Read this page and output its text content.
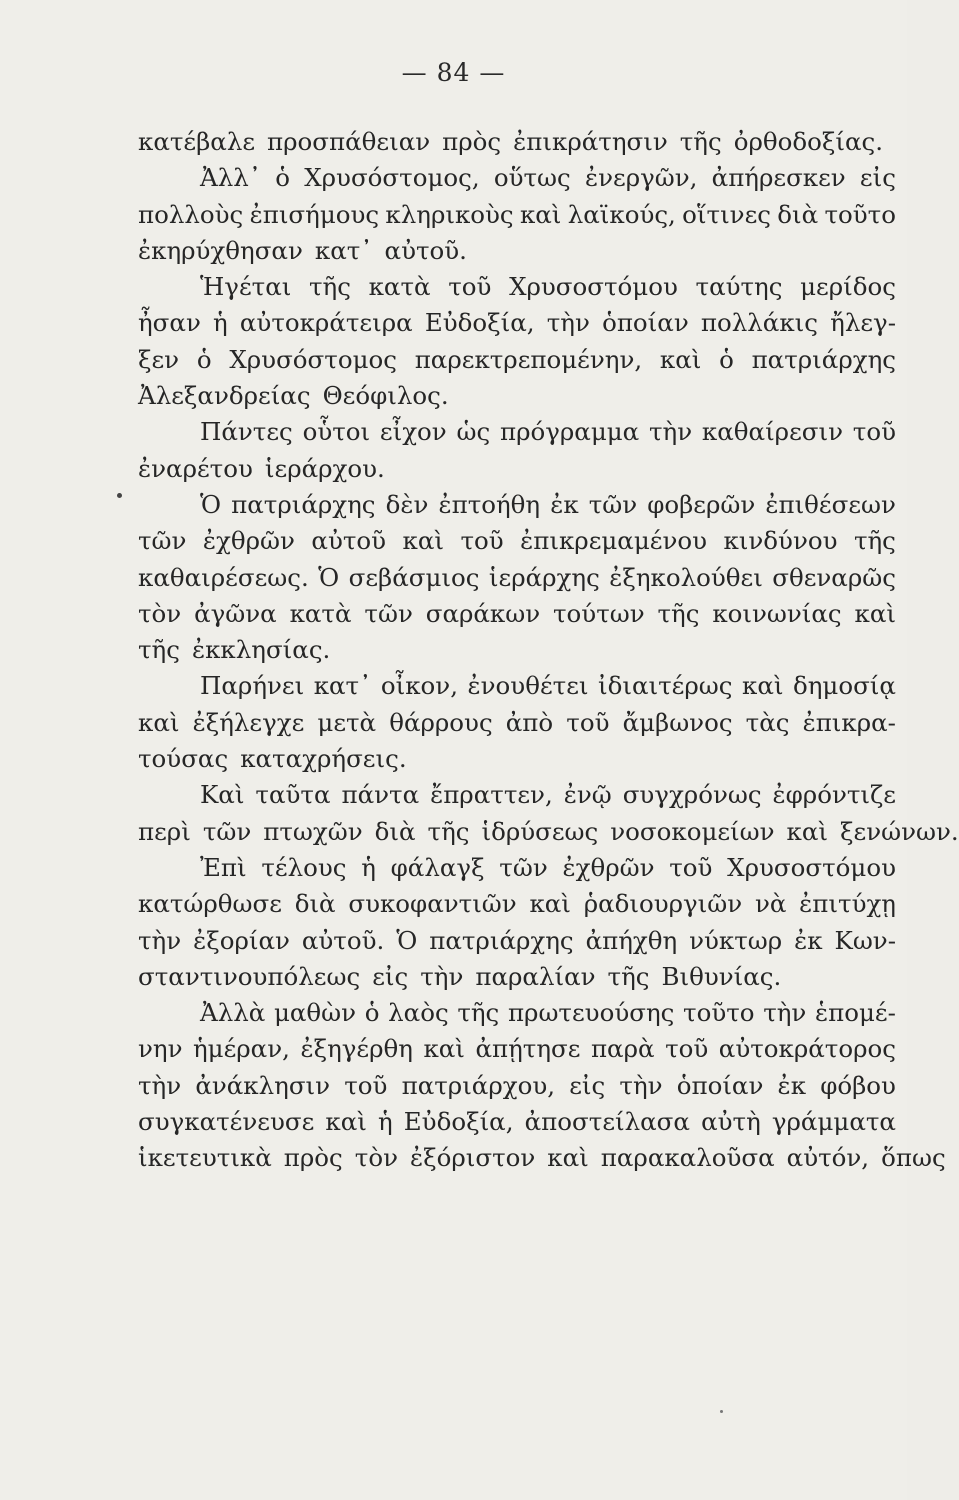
— 84 —
κατέβαλε προσπάθειαν πρὸς ἐπικράτησιν τῆς ὀρθοδοξίας.
Ἀλλ᾽ ὁ Χρυσόστομος, οὕτως ἐνεργῶν, ἀπήρεσκεν εἰς
πολλοὺς ἐπισήμους κληρικοὺς καὶ λαϊκούς, οἵτινες διὰ τοῦτο
ἐκηρύχθησαν κατ᾽ αὐτοῦ.
Ἡγέται τῆς κατὰ τοῦ Χρυσοστόμου ταύτης μερίδος
ἦσαν ἡ αὐτοκράτειρα Εὐδοξία, τὴν ὁποίαν πολλάκις ἤλεγ-
ξεν ὁ Χρυσόστομος παρεκτρεπομένην, καὶ ὁ πατριάρχης
Ἀλεξανδρείας Θεόφιλος.
Πάντες οὗτοι εἶχον ὡς πρόγραμμα τὴν καθαίρεσιν τοῦ
ἐναρέτου ἱεράρχου.
Ὁ πατριάρχης δὲν ἐπτοήθη ἐκ τῶν φοβερῶν ἐπιθέσεων
τῶν ἐχθρῶν αὐτοῦ καὶ τοῦ ἐπικρεμαμένου κινδύνου τῆς
καθαιρέσεως. Ὁ σεβάσμιος ἱεράρχης ἐξηκολούθει σθεναρῶς
τὸν ἀγῶνα κατὰ τῶν σαράκων τούτων τῆς κοινωνίας καὶ
τῆς ἐκκλησίας.
Παρήνει κατ᾽ οἶκον, ἐνουθέτει ἰδιαιτέρως καὶ δημοσίᾳ
καὶ ἐξήλεγχε μετὰ θάρρους ἀπὸ τοῦ ἄμβωνος τὰς ἐπικρα-
τούσας καταχρήσεις.
Καὶ ταῦτα πάντα ἔπραττεν, ἐνῷ συγχρόνως ἐφρόντιζε
περὶ τῶν πτωχῶν διὰ τῆς ἱδρύσεως νοσοκομείων καὶ ξενώνων.
Ἐπὶ τέλους ἡ φάλαγξ τῶν ἐχθρῶν τοῦ Χρυσοστόμου
κατώρθωσε διὰ συκοφαντιῶν καὶ ῥαδιουργιῶν νὰ ἐπιτύχῃ
τὴν ἐξορίαν αὐτοῦ. Ὁ πατριάρχης ἀπήχθη νύκτωρ ἐκ Κων-
σταντινουπόλεως εἰς τὴν παραλίαν τῆς Βιθυνίας.
Ἀλλὰ μαθὼν ὁ λαὸς τῆς πρωτευούσης τοῦτο τὴν ἑπομέ-
νην ἡμέραν, ἐξηγέρθη καὶ ἀπῄτησε παρὰ τοῦ αὐτοκράτορος
τὴν ἀνάκλησιν τοῦ πατριάρχου, εἰς τὴν ὁποίαν ἐκ φόβου
συγκατένευσε καὶ ἡ Εὐδοξία, ἀποστείλασα αὐτὴ γράμματα
ἱκετευτικὰ πρὸς τὸν ἐξόριστον καὶ παρακαλοῦσα αὐτόν, ὅπως
